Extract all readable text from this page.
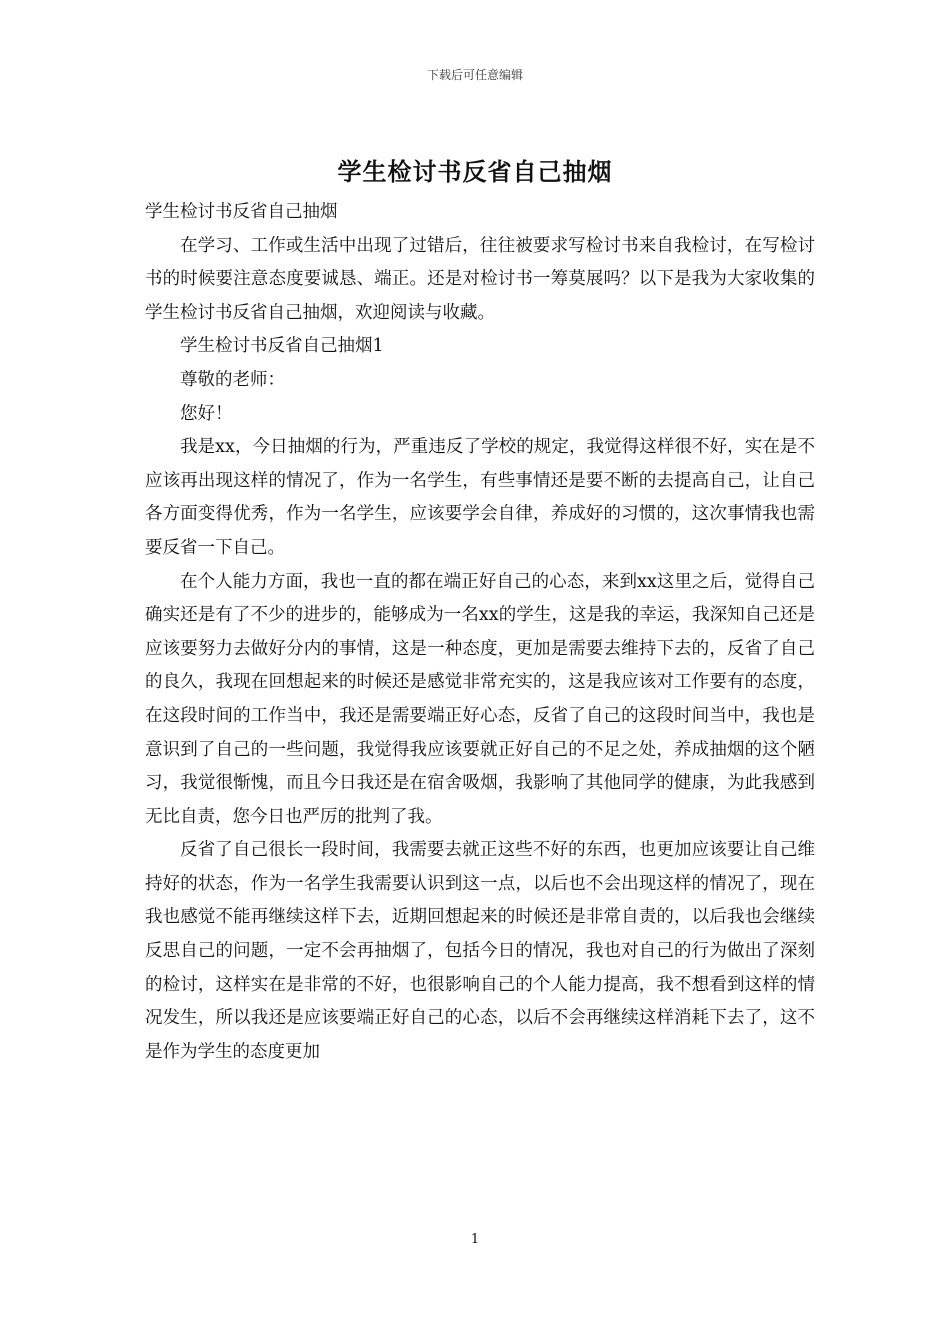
下载后可任意编辑
学生检讨书反省自己抽烟

学生检讨书反省自己抽烟

在学习、工作或生活中出现了过错后，往往被要求写检讨书来自我检讨，在写检讨书的时候要注意态度要诚恳、端正。还是对检讨书一筹莫展吗？以下是我为大家收集的学生检讨书反省自己抽烟，欢迎阅读与收藏。

学生检讨书反省自己抽烟1

尊敬的老师：

您好！

我是xx，今日抽烟的行为，严重违反了学校的规定，我觉得这样很不好，实在是不应该再出现这样的情况了，作为一名学生，有些事情还是要不断的去提高自己，让自己各方面变得优秀，作为一名学生，应该要学会自律，养成好的习惯的，这次事情我也需要反省一下自己。

在个人能力方面，我也一直的都在端正好自己的心态，来到xx这里之后，觉得自己确实还是有了不少的进步的，能够成为一名xx的学生，这是我的幸运，我深知自己还是应该要努力去做好分内的事情，这是一种态度，更加是需要去维持下去的，反省了自己的良久，我现在回想起来的时候还是感觉非常充实的，这是我应该对工作要有的态度，在这段时间的工作当中，我还是需要端正好心态，反省了自己的这段时间当中，我也是意识到了自己的一些问题，我觉得我应该要就正好自己的不足之处，养成抽烟的这个陋习，我觉很惭愧，而且今日我还是在宿舍吸烟，我影响了其他同学的健康，为此我感到无比自责，您今日也严厉的批判了我。

反省了自己很长一段时间，我需要去就正这些不好的东西，也更加应该要让自己维持好的状态，作为一名学生我需要认识到这一点，以后也不会出现这样的情况了，现在我也感觉不能再继续这样下去，近期回想起来的时候还是非常自责的，以后我也会继续反思自己的问题，一定不会再抽烟了，包括今日的情况，我也对自己的行为做出了深刻的检讨，这样实在是非常的不好，也很影响自己的个人能力提高，我不想看到这样的情况发生，所以我还是应该要端正好自己的心态，以后不会再继续这样消耗下去了，这不是作为学生的态度更加

1
